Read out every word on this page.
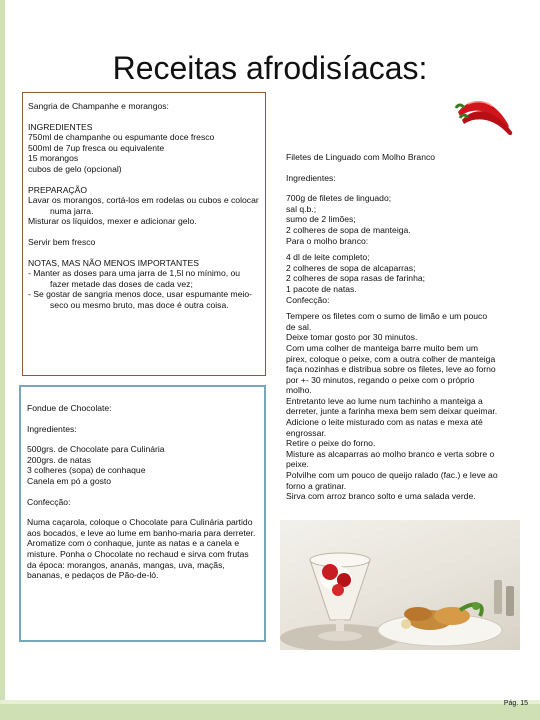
Receitas afrodisíacas:

Sangria de Champanhe e morangos:

INGREDIENTES

750ml de champanhe ou espumante doce fresco

500ml de 7up fresca ou equivalente

15 morangos

cubos de gelo (opcional)

PREPARAÇÃO

Lavar os morangos, cortá-los em rodelas ou cubos e colocar numa jarra.

Misturar os líquidos, mexer e adicionar gelo.

Servir bem fresco

NOTAS, MAS NÃO MENOS IMPORTANTES

- Manter as doses para uma jarra de 1,5l no mínimo, ou fazer metade das doses de cada vez;

- Se gostar de sangria menos doce, usar espumante meio-seco ou mesmo bruto, mas doce é outra coisa.

Fondue de Chocolate:

Ingredientes:

500grs. de Chocolate para Culinária

200grs. de natas

3 colheres (sopa) de conhaque

Canela em pó a gosto

Confecção:

Numa caçarola, coloque o Chocolate para Culinária partido aos bocados, e leve ao lume em banho-maria para derreter. Aromatize com o conhaque, junte as natas e a canela e misture. Ponha o Chocolate no rechaud e sirva com frutas da época: morangos, ananás, mangas, uva, maçãs, bananas, e pedaços de Pão-de-ló.

Filetes de Linguado com Molho Branco

Ingredientes:

700g de filetes de linguado;

sal q.b.;

sumo de 2 limões;

2 colheres de sopa de manteiga.

Para o molho branco:

4 dl de leite completo;

2 colheres de sopa de alcaparras;

2 colheres de sopa rasas de farinha;

1 pacote de natas.

Confecção:

Tempere os filetes com o sumo de limão e um pouco de sal.

Deixe tomar gosto por 30 minutos.

Com uma colher de manteiga barre muito bem um pirex, coloque o peixe, com a outra colher de manteiga faça nozinhas e distribua sobre os filetes, leve ao forno por +- 30 minutos, regando o peixe com o próprio molho.

Entretanto leve ao lume num tachinho a manteiga a derreter, junte a farinha mexa bem sem deixar queimar.

Adicione o leite misturado com as natas e mexa até engrossar.

Retire o peixe do forno.

Misture as alcaparras ao molho branco e verta sobre o peixe.

Polvilhe com um pouco de queijo ralado (fac.) e leve ao forno a gratinar.

Sirva com arroz branco solto e uma salada verde.

Pág. 15
